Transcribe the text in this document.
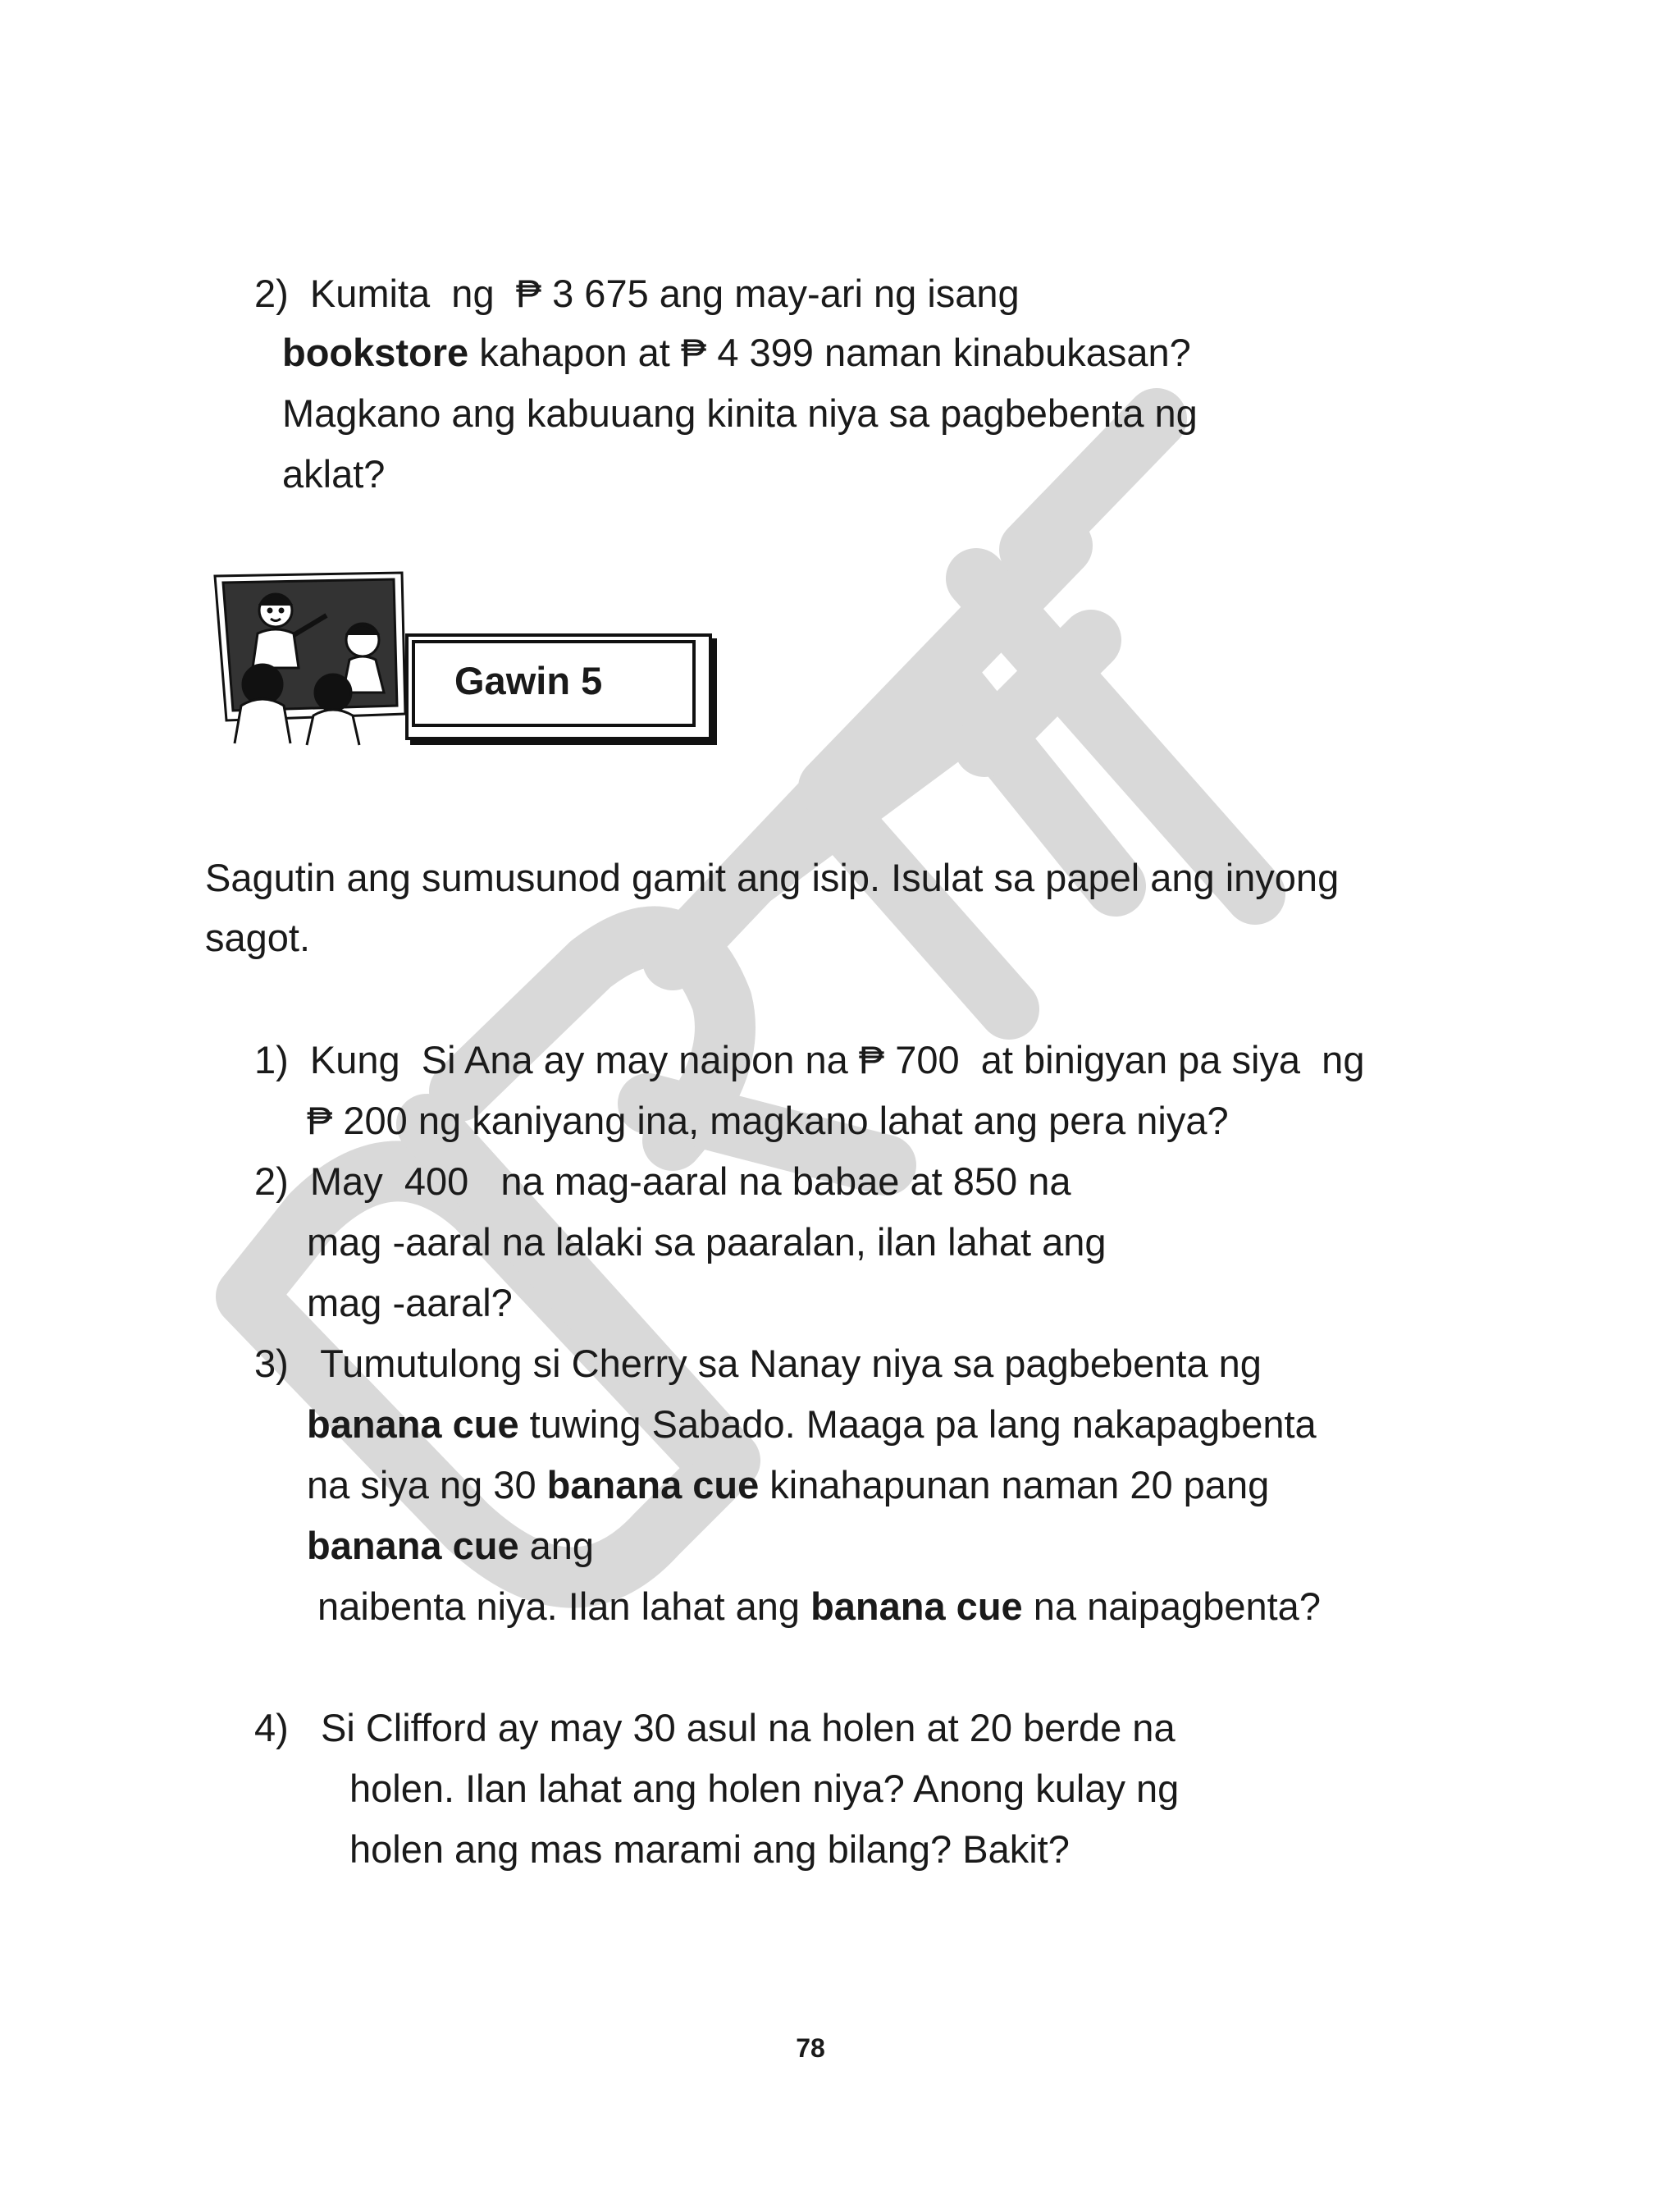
2)  Kumita  ng  ₱ 3 675 ang may-ari ng isang

bookstore kahapon at ₱ 4 399 naman kinabukasan?

Magkano ang kabuuang kinita niya sa pagbebenta ng

aklat?

Gawin 5

Sagutin ang sumusunod gamit ang isip. Isulat sa papel ang inyong

sagot.

1)  Kung  Si Ana ay may naipon na ₱ 700  at binigyan pa siya  ng

₱ 200 ng kaniyang ina, magkano lahat ang pera niya?

2)  May  400   na mag-aaral na babae at 850 na

mag -aaral na lalaki sa paaralan, ilan lahat ang

mag -aaral?

3)   Tumutulong si Cherry sa Nanay niya sa pagbebenta ng

banana cue tuwing Sabado. Maaga pa lang nakapagbenta

na siya ng 30 banana cue kinahapunan naman 20 pang

banana cue ang

naibenta niya. Ilan lahat ang banana cue na naipagbenta?

4)   Si Clifford ay may 30 asul na holen at 20 berde na

holen. Ilan lahat ang holen niya? Anong kulay ng

holen ang mas marami ang bilang? Bakit?

78
